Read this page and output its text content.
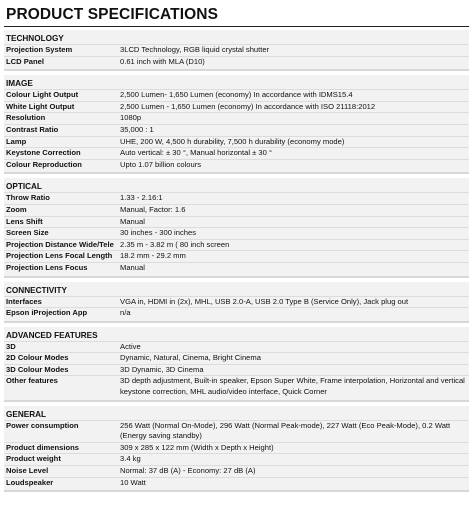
PRODUCT SPECIFICATIONS
TECHNOLOGY
Projection System	3LCD Technology, RGB liquid crystal shutter
LCD Panel	0.61 inch with MLA (D10)
IMAGE
Colour Light Output	2,500 Lumen- 1,650 Lumen (economy) In accordance with IDMS15.4
White Light Output	2,500 Lumen - 1,650 Lumen (economy) In accordance with ISO 21118:2012
Resolution	1080p
Contrast Ratio	35,000 : 1
Lamp	UHE, 200 W, 4,500 h durability, 7,500 h durability (economy mode)
Keystone Correction	Auto vertical: ± 30 °, Manual horizontal ± 30 °
Colour Reproduction	Upto 1.07 billion colours
OPTICAL
Throw Ratio	1.33 - 2.16:1
Zoom	Manual, Factor: 1.6
Lens Shift	Manual
Screen Size	30 inches - 300 inches
Projection Distance Wide/Tele 2.35 m - 3.82 m ( 80 inch screen
Projection Lens Focal Length	18.2 mm - 29.2 mm
Projection Lens Focus	Manual
CONNECTIVITY
Interfaces	VGA in, HDMI in (2x), MHL, USB 2.0-A, USB 2.0 Type B (Service Only), Jack plug out
Epson iProjection App	n/a
ADVANCED FEATURES
3D	Active
2D Colour Modes	Dynamic, Natural, Cinema, Bright Cinema
3D Colour Modes	3D Dynamic, 3D Cinema
Other features	3D depth adjustment, Built-in speaker, Epson Super White, Frame interpolation, Horizontal and vertical keystone correction, MHL audio/video interface, Quick Corner
GENERAL
Power consumption	256 Watt (Normal On-Mode), 296 Watt (Normal Peak-mode), 227 Watt (Eco Peak-Mode), 0.2 Watt (Energy saving standby)
Product dimensions	309 x 285 x 122 mm (Width x Depth x Height)
Product weight	3.4 kg
Noise Level	Normal: 37 dB (A) - Economy: 27 dB (A)
Loudspeaker	10 Watt
